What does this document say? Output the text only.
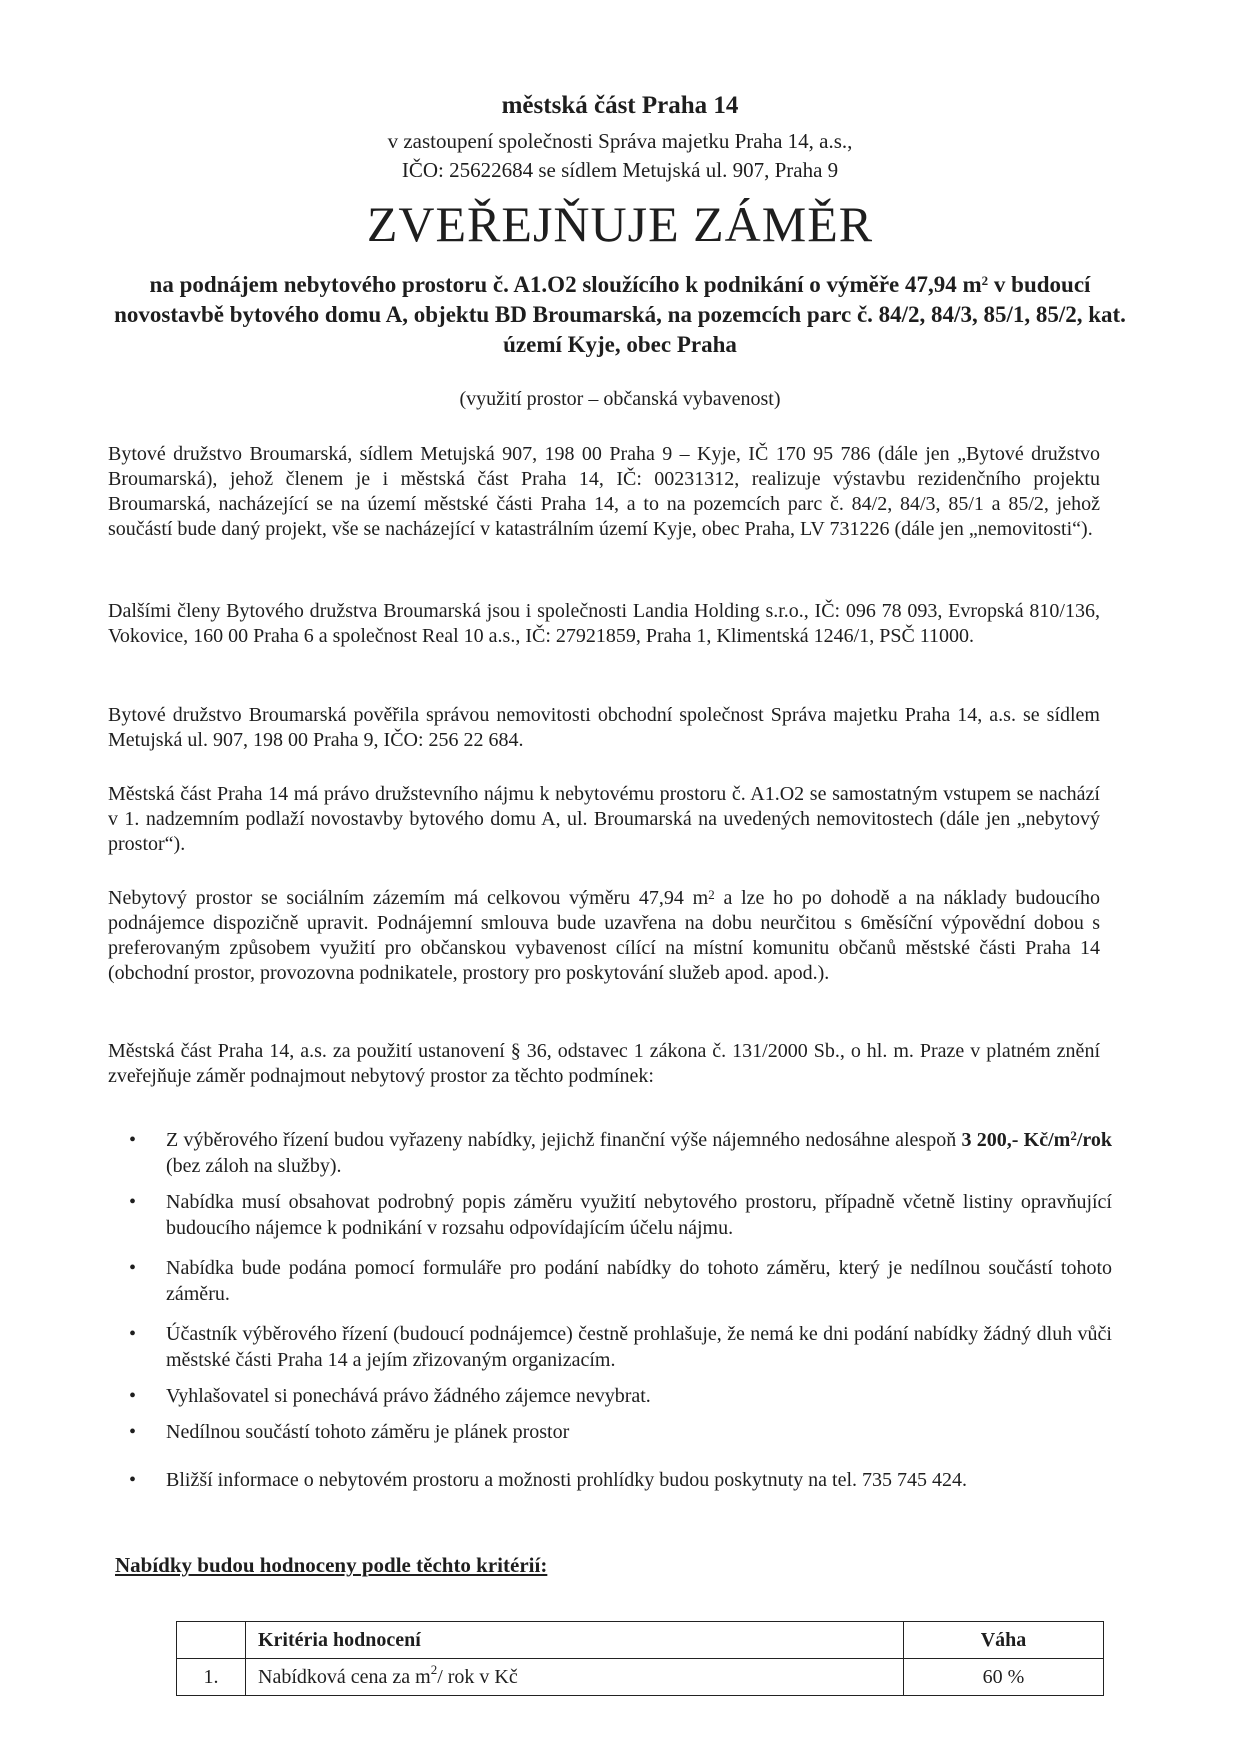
městská část Praha 14
v zastoupení společnosti Správa majetku Praha 14, a.s.,
IČO: 25622684 se sídlem Metujská ul. 907, Praha 9
ZVEŘEJŇUJE ZÁMĚR
na podnájem nebytového prostoru č. A1.O2 sloužícího k podnikání o výměře 47,94 $m^2$ v budoucí novostavbě bytového domu A, objektu BD Broumarská, na pozemcích parc č. 84/2, 84/3, 85/1, 85/2, kat. území Kyje, obec Praha
(využití prostor – občanská vybavenost)
Bytové družstvo Broumarská, sídlem Metujská 907, 198 00 Praha 9 – Kyje, IČ 170 95 786 (dále jen „Bytové družstvo Broumarská), jehož členem je i městská část Praha 14, IČ: 00231312, realizuje výstavbu rezidenčního projektu Broumarská, nacházející se na území městské části Praha 14, a to na pozemcích parc č. 84/2, 84/3, 85/1 a 85/2, jehož součástí bude daný projekt, vše se nacházející v katastrálním území Kyje, obec Praha, LV 731226 (dále jen „nemovitosti“).
Dalšími členy Bytového družstva Broumarská jsou i společnosti Landia Holding s.r.o., IČ: 096 78 093, Evropská 810/136, Vokovice, 160 00 Praha 6 a společnost Real 10 a.s., IČ: 27921859, Praha 1, Klimentská 1246/1, PSČ 11000.
Bytové družstvo Broumarská pověřila správou nemovitosti obchodní společnost Správa majetku Praha 14, a.s. se sídlem Metujská ul. 907, 198 00 Praha 9, IČO: 256 22 684.
Městská část Praha 14 má právo družstevního nájmu k nebytovému prostoru č. A1.O2 se samostatným vstupem se nachází v 1. nadzemním podlaží novostavby bytového domu A, ul. Broumarská na uvedených nemovitostech (dále jen „nebytový prostor“).
Nebytový prostor se sociálním zázemím má celkovou výměru 47,94 $m^2$ a lze ho po dohodě a na náklady budoucího podnájemce dispozičně upravit. Podnájemní smlouva bude uzavřena na dobu neurčitou s 6měsíční výpovědní dobou s preferovaným způsobem využití pro občanskou vybavenost cílící na místní komunitu občanů městské části Praha 14 (obchodní prostor, provozovna podnikatele, prostory pro poskytování služeb apod. apod.).
Městská část Praha 14, a.s. za použití ustanovení § 36, odstavec 1 zákona č. 131/2000 Sb., o hl. m. Praze v platném znění zveřejňuje záměr podnajmout nebytový prostor za těchto podmínek:
• Z výběrového řízení budou vyřazeny nabídky, jejichž finanční výše nájemného nedosáhne alespoň 3 200,- $Kč/m^2$/rok (bez záloh na služby).
• Nabídka musí obsahovat podrobný popis záměru využití nebytového prostoru, případně včetně listiny opravňující budoucího nájemce k podnikání v rozsahu odpovídajícím účelu nájmu.
• Nabídka bude podána pomocí formuláře pro podání nabídky do tohoto záměru, který je nedílnou součástí tohoto záměru.
• Účastník výběrového řízení (budoucí podnájemce) čestně prohlašuje, že nemá ke dni podání nabídky žádný dluh vůči městské části Praha 14 a jejím zřizovaným organizacím.
• Vyhlašovatel si ponechává právo žádného zájemce nevybrat.
• Nedílnou součástí tohoto záměru je plánek prostor
• Bližší informace o nebytovém prostoru a možnosti prohlídky budou poskytnuty na tel. 735 745 424.
Nabídky budou hodnoceny podle těchto kritérií:
	Kritéria hodnocení	Váha
1.	Nabídková cena za $m^2/$ rok v Kč	60 %
